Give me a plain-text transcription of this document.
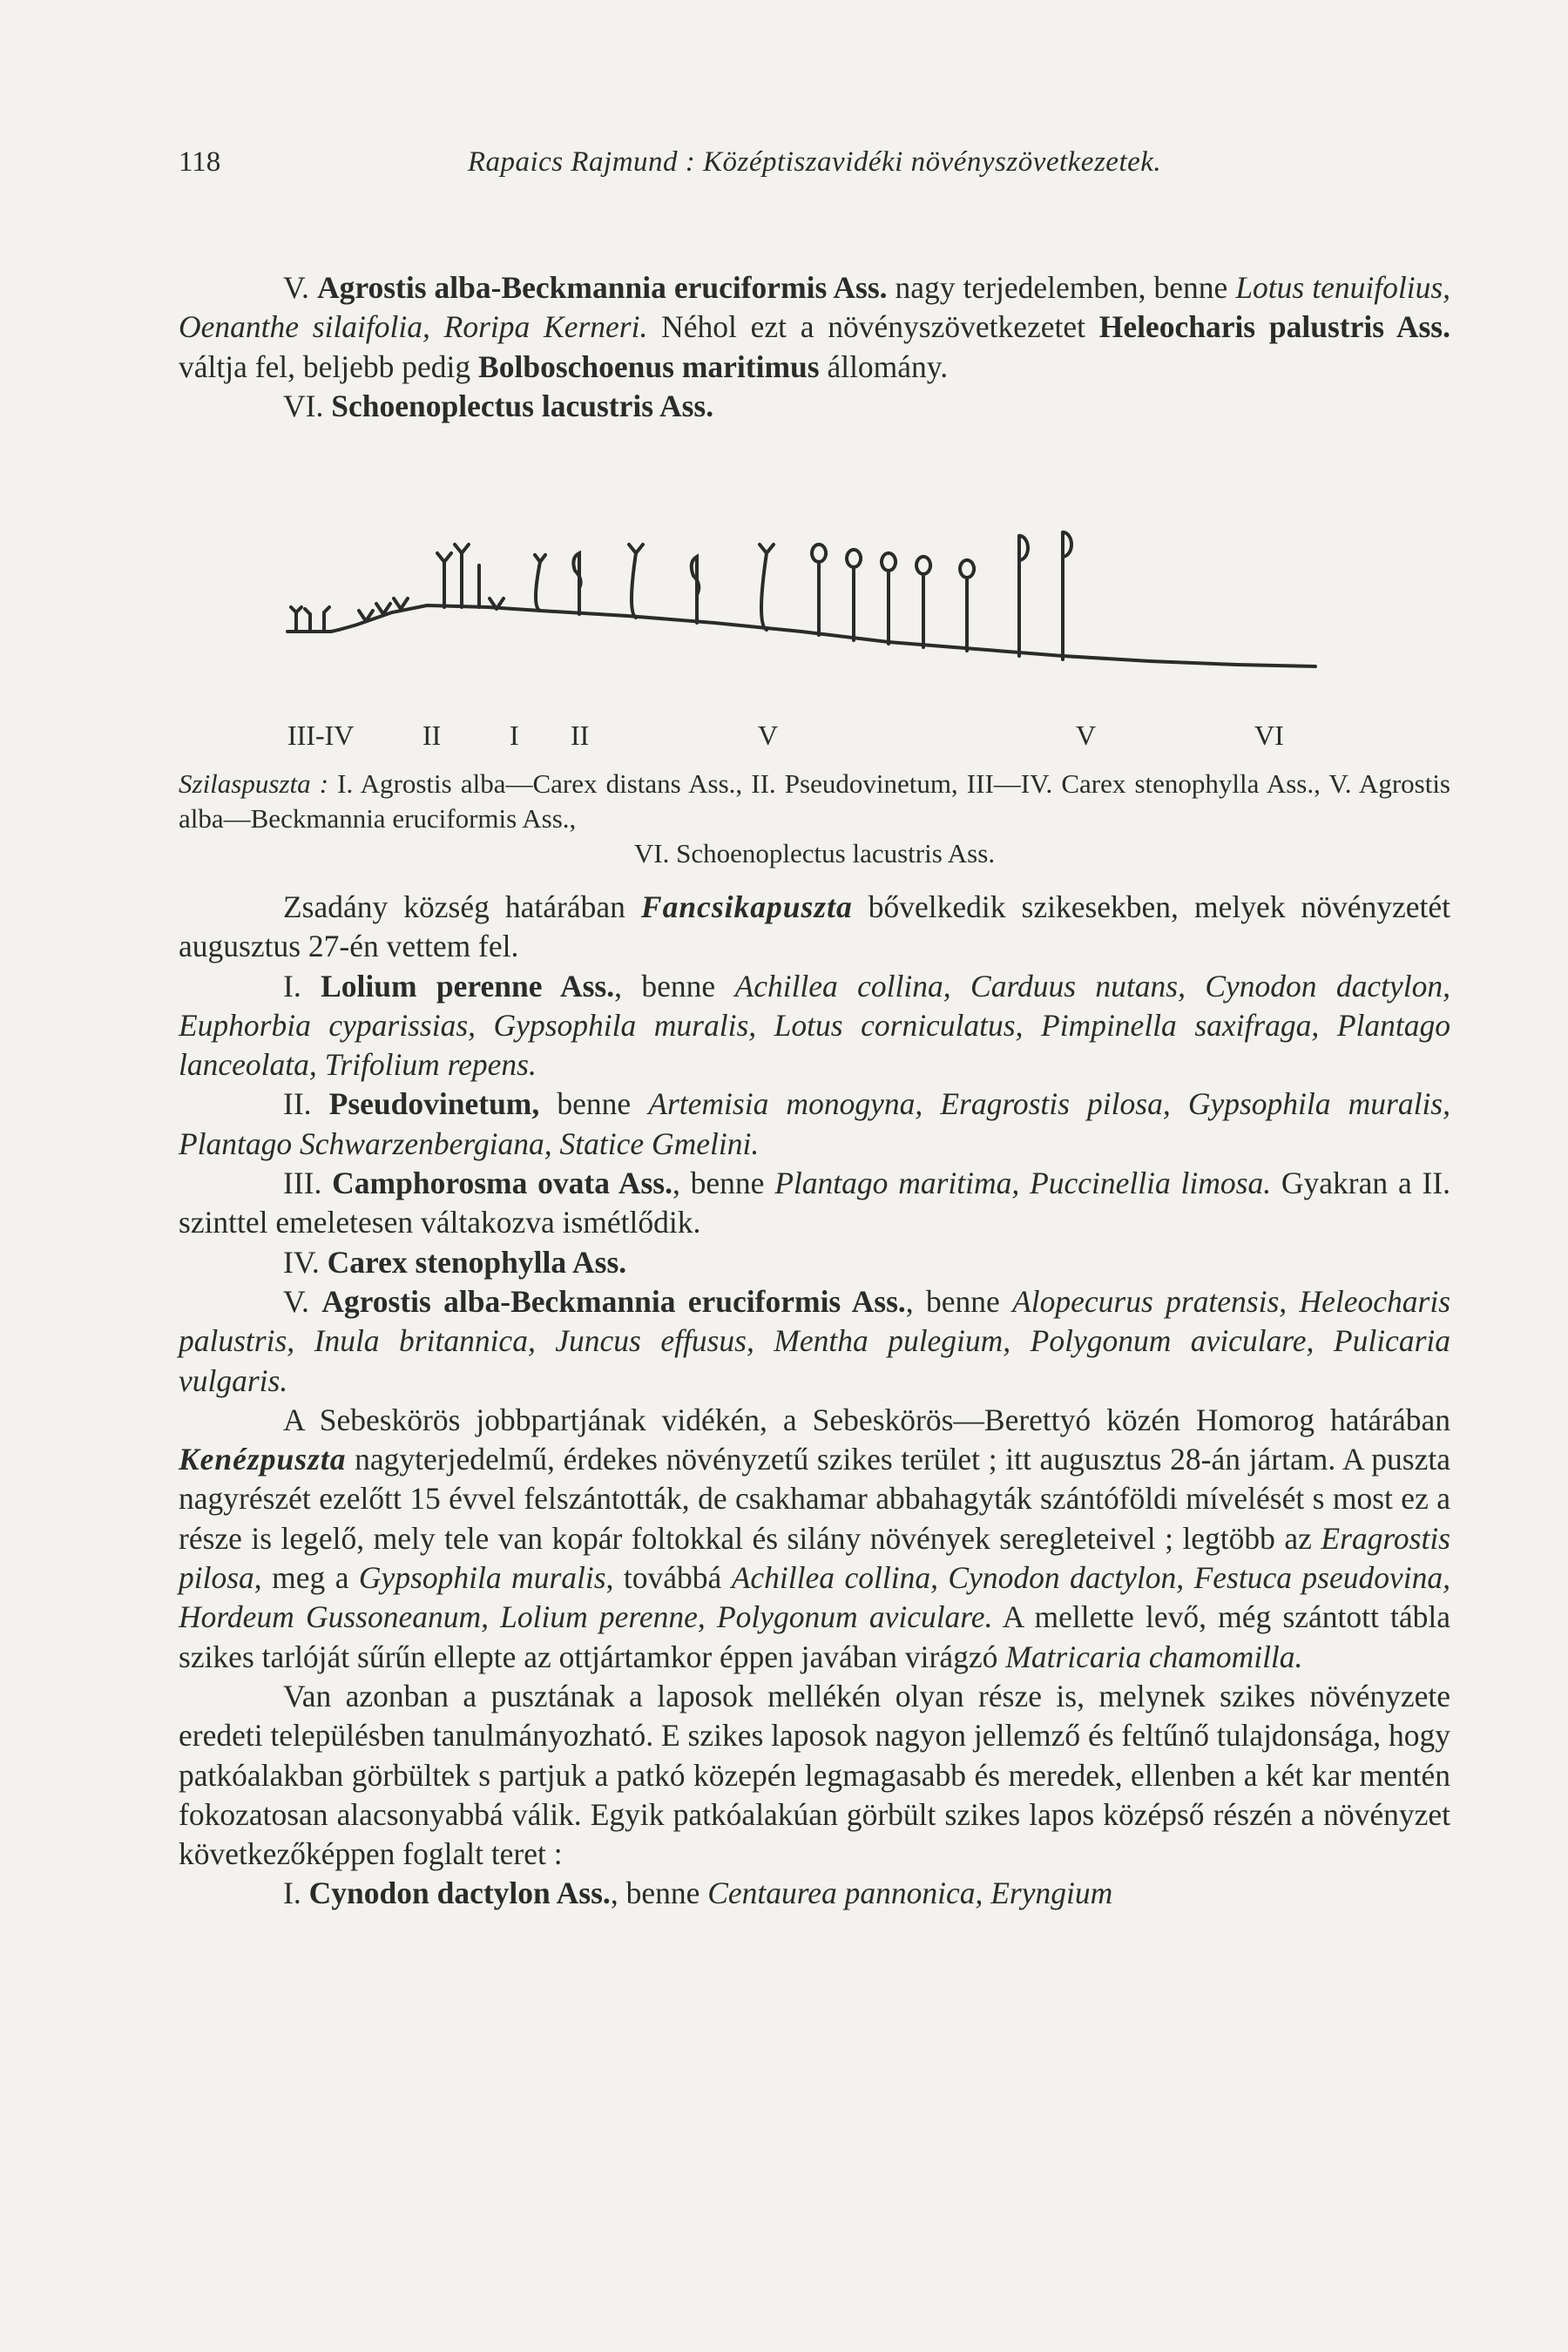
118	Rapaics Rajmund : Középtiszavidéki növényszövetkezetek.

V. Agrostis alba-Beckmannia eruciformis Ass. nagy terjedelemben, benne Lotus tenuifolius, Oenanthe silaifolia, Roripa Kerneri. Néhol ezt a növényszövetkezetet Heleocharis palustris Ass. váltja fel, beljebb pedig Bolboschoenus maritimus állomány.

VI. Schoenoplectus lacustris Ass.

III-IV II I II	V	V	VI

Szilaspuszta : I. Agrostis alba—Carex distans Ass., II. Pseudovinetum, III—IV. Carex stenophylla Ass., V. Agrostis alba—Beckmannia eruciformis Ass.,

VI. Schoenoplectus lacustris Ass.

Zsadány község határában Fancsikapuszta bővelkedik szikesekben, melyek növényzetét augusztus 27-én vettem fel.

I. Lolium perenne Ass., benne Achillea collina, Carduus nutans, Cynodon dactylon, Euphorbia cyparissias, Gypsophila muralis, Lotus corniculatus, Pimpinella saxifraga, Plantago lanceolata, Trifolium repens.

II. Pseudovinetum, benne Artemisia monogyna, Eragrostis pilosa, Gypsophila muralis, Plantago Schwarzenbergiana, Statice Gmelini.

III. Camphorosma ovata Ass., benne Plantago maritima, Puccinellia limosa. Gyakran a II. szinttel emeletesen váltakozva ismétlődik.

IV. Carex stenophylla Ass.

V. Agrostis alba-Beckmannia eruciformis Ass., benne Alopecurus pratensis, Heleocharis palustris, Inula britannica, Juncus effusus, Mentha pulegium, Polygonum aviculare, Pulicaria vulgaris.

A Sebeskörös jobbpartjának vidékén, a Sebeskörös—Berettyó közén Homorog határában Kenézpuszta nagyterjedelmű, érdekes növényzetű szikes terület ; itt augusztus 28-án jártam. A puszta nagyrészét ezelőtt 15 évvel felszántották, de csakhamar abbahagyták szántóföldi mívelését s most ez a része is legelő, mely tele van kopár foltokkal és silány növények seregleteivel ; legtöbb az Eragrostis pilosa, meg a Gypsophila muralis, továbbá Achillea collina, Cynodon dactylon, Festuca pseudovina, Hordeum Gussoneanum, Lolium perenne, Polygonum aviculare. A mellette levő, még szántott tábla szikes tarlóját sűrűn ellepte az ottjártamkor éppen javában virágzó Matricaria chamomilla.

Van azonban a pusztának a laposok mellékén olyan része is, melynek szikes növényzete eredeti településben tanulmányozható. E szikes laposok nagyon jellemző és feltűnő tulajdonsága, hogy patkóalakban görbültek s partjuk a patkó közepén legmagasabb és meredek, ellenben a két kar mentén fokozatosan alacsonyabbá válik. Egyik patkóalakúan görbült szikes lapos középső részén a növényzet következőképpen foglalt teret :

I. Cynodon dactylon Ass., benne Centaurea pannonica, Eryngium
